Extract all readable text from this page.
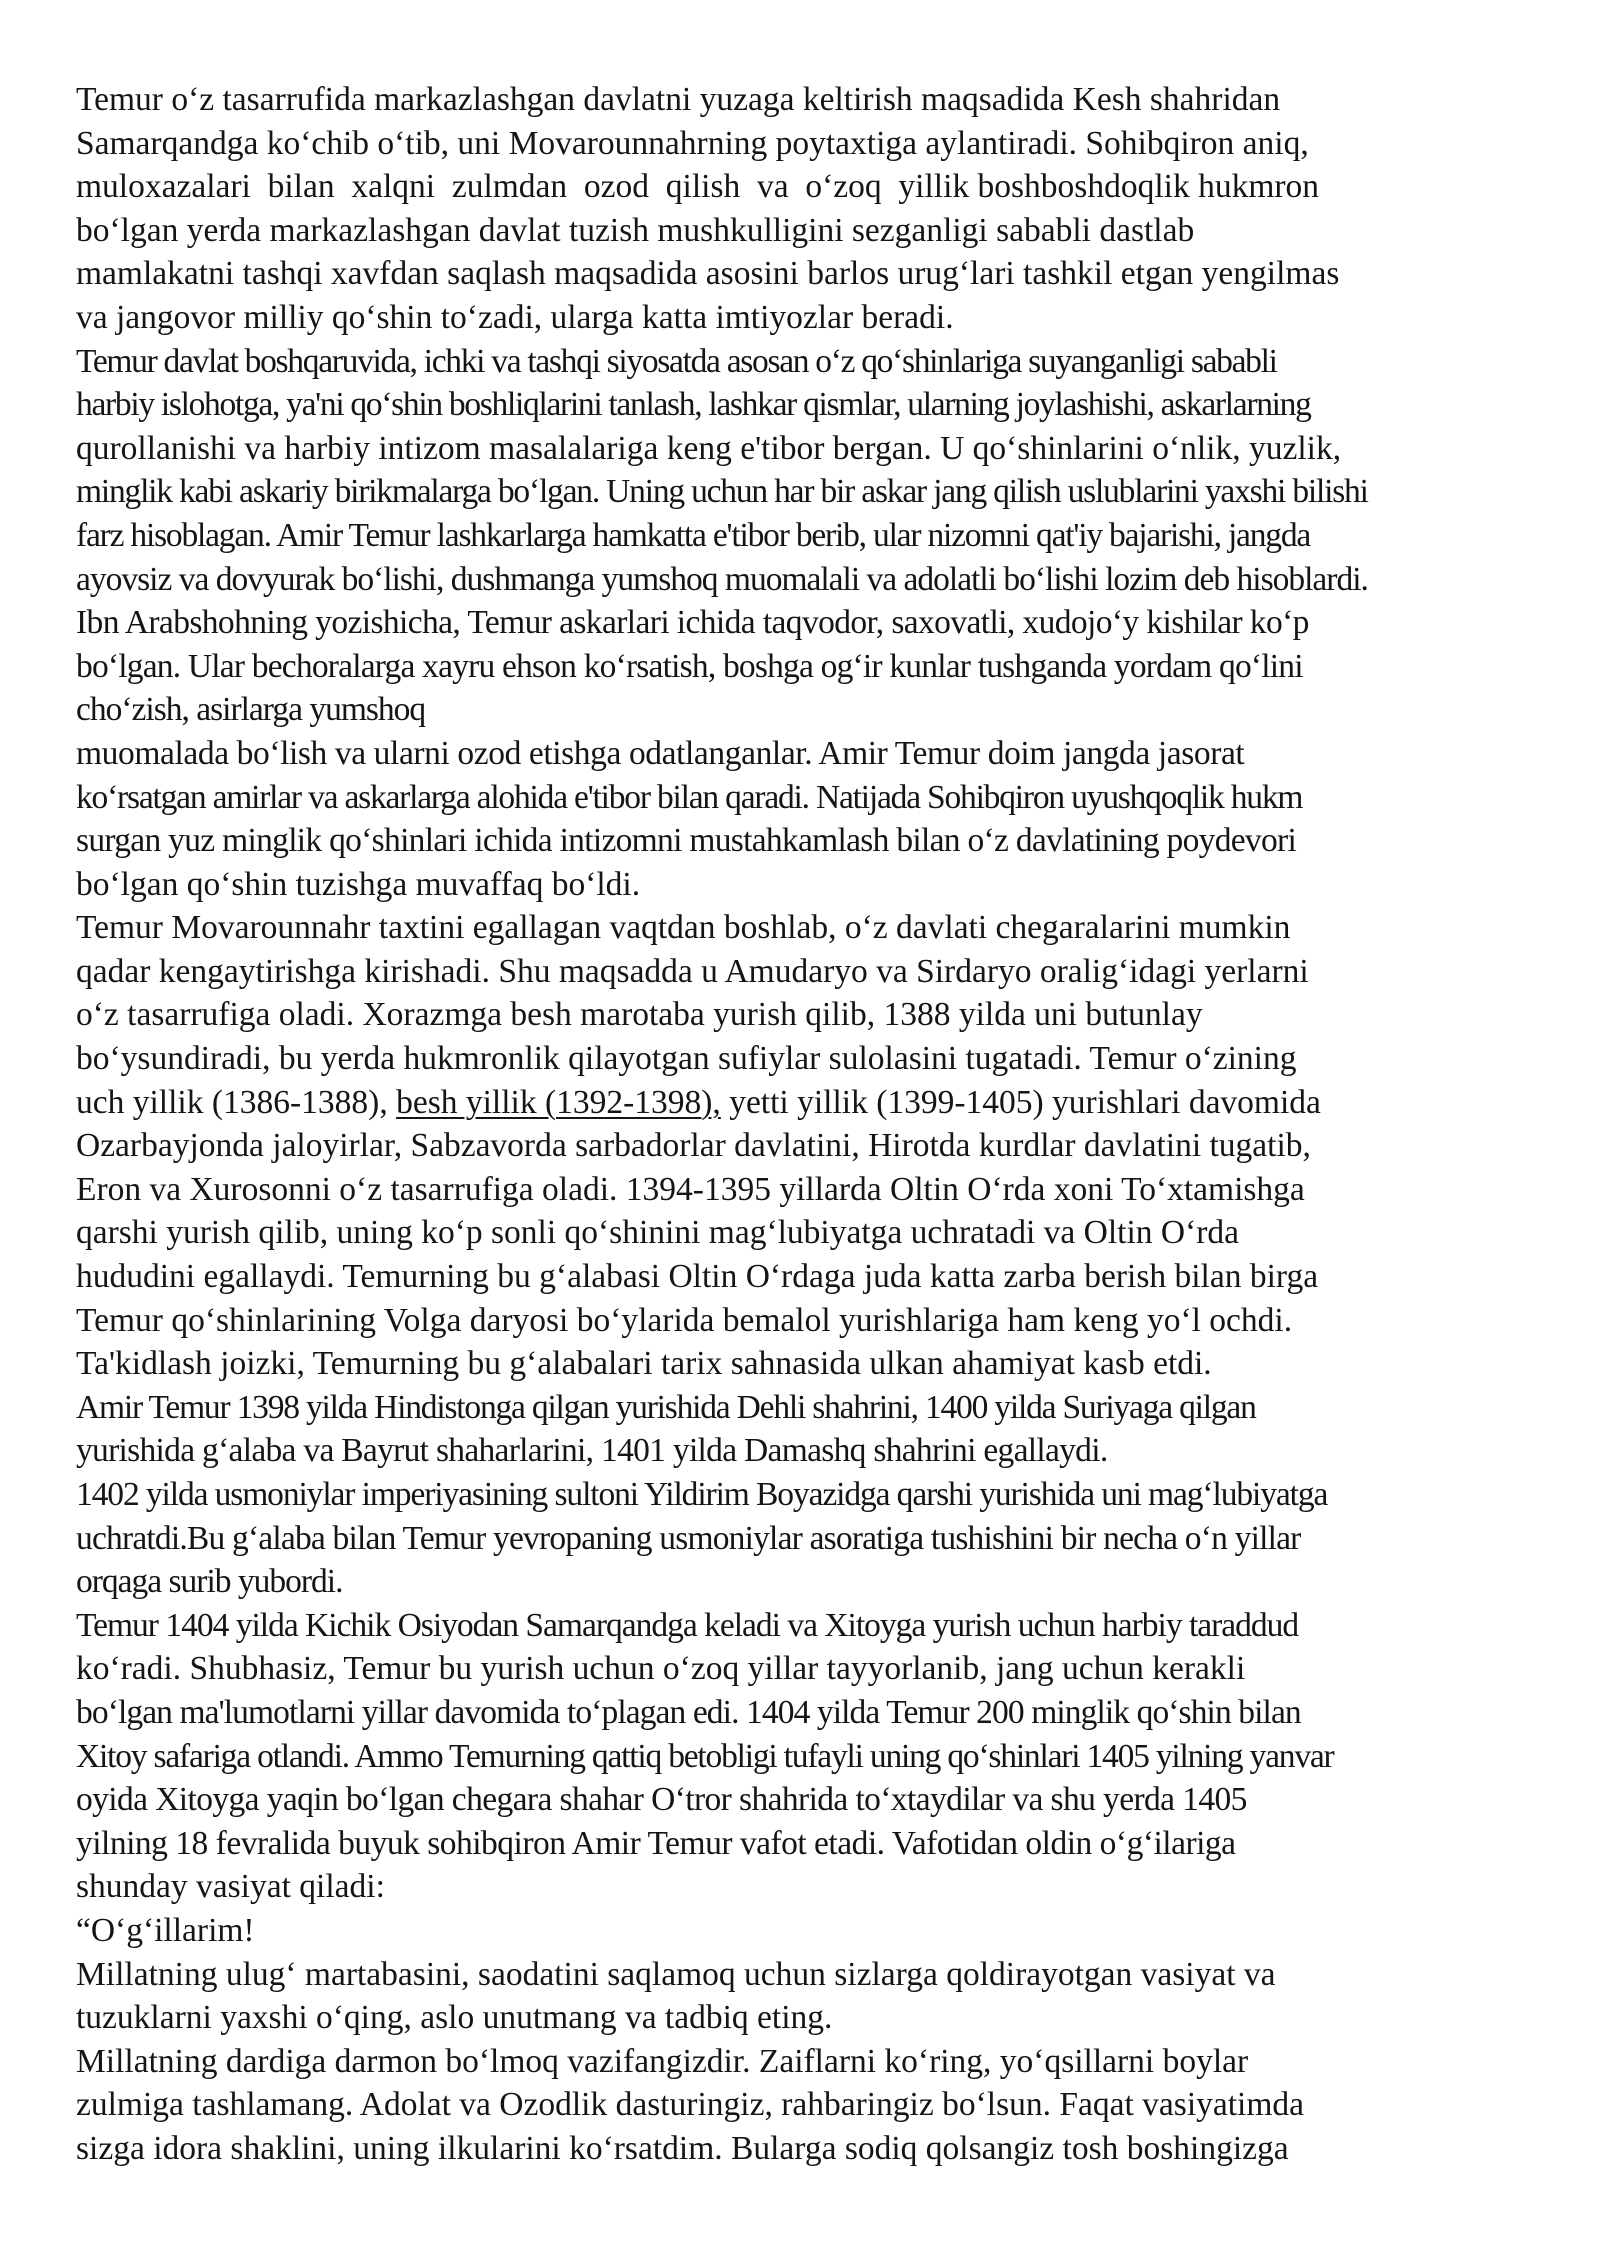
Temur o‘z tasarrufida markazlashgan davlatni yuzaga keltirish maqsadida Kesh shahridan
Samarqandga ko‘chib o‘tib, uni Movarounnahrning poytaxtiga aylantiradi. Sohibqiron aniq,
muloxazalari  bilan  xalqni  zulmdan  ozod  qilish  va  o‘zoq  yillik boshboshdoqlik hukmron
bo‘lgan yerda markazlashgan davlat tuzish mushkulligini sezganligi sababli dastlab
mamlakatni tashqi xavfdan saqlash maqsadida asosini barlos urug‘lari tashkil etgan yengilmas
va jangovor milliy qo‘shin to‘zadi, ularga katta imtiyozlar beradi.
Temur davlat boshqaruvida, ichki va tashqi siyosatda asosan o‘z qo‘shinlariga suyanganligi sababli
harbiy islohotga, ya'ni qo‘shin boshliqlarini tanlash, lashkar qismlar, ularning joylashishi, askarlarning
qurollanishi va harbiy intizom masalalariga keng e'tibor bergan. U qo‘shinlarini o‘nlik, yuzlik,
minglik kabi askariy birikmalarga bo‘lgan. Uning uchun har bir askar jang qilish uslublarini yaxshi bilishi
farz hisoblagan. Amir Temur lashkarlarga hamkatta e'tibor berib, ular nizomni qat'iy bajarishi, jangda
ayovsiz va dovyurak bo‘lishi, dushmanga yumshoq muomalali va adolatli bo‘lishi lozim deb hisoblardi.
Ibn Arabshohning yozishicha, Temur askarlari ichida taqvodor, saxovatli, xudojo‘y kishilar ko‘p
bo‘lgan. Ular bechoralarga xayru ehson ko‘rsatish, boshga og‘ir kunlar tushganda yordam qo‘lini
cho‘zish, asirlarga yumshoq
muomalada bo‘lish va ularni ozod etishga odatlanganlar. Amir Temur doim jangda jasorat
ko‘rsatgan amirlar va askarlarga alohida e'tibor bilan qaradi. Natijada Sohibqiron uyushqoqlik hukm
surgan yuz minglik qo‘shinlari ichida intizomni mustahkamlash bilan o‘z davlatining poydevori
bo‘lgan qo‘shin tuzishga muvaffaq bo‘ldi.
Temur Movarounnahr taxtini egallagan vaqtdan boshlab, o‘z davlati chegaralarini mumkin
qadar kengaytirishga kirishadi. Shu maqsadda u Amudaryo va Sirdaryo oralig‘idagi yerlarni
o‘z tasarrufiga oladi. Xorazmga besh marotaba yurish qilib, 1388 yilda uni butunlay
bo‘ysundiradi, bu yerda hukmronlik qilayotgan sufiylar sulolasini tugatadi. Temur o‘zining
uch yillik (1386-1388), besh yillik (1392-1398), yetti yillik (1399-1405) yurishlari davomida
Ozarbayjonda jaloyirlar, Sabzavorda sarbadorlar davlatini, Hirotda kurdlar davlatini tugatib,
Eron va Xurosonni o‘z tasarrufiga oladi. 1394-1395 yillarda Oltin O‘rda xoni To‘xtamishga
qarshi yurish qilib, uning ko‘p sonli qo‘shinini mag‘lubiyatga uchratadi va Oltin O‘rda
hududini egallaydi. Temurning bu g‘alabasi Oltin O‘rdaga juda katta zarba berish bilan birga
Temur qo‘shinlarining Volga daryosi bo‘ylarida bemalol yurishlariga ham keng yo‘l ochdi.
Ta'kidlash joizki, Temurning bu g‘alabalari tarix sahnasida ulkan ahamiyat kasb etdi.
Amir Temur 1398 yilda Hindistonga qilgan yurishida Dehli shahrini, 1400 yilda Suriyaga qilgan
yurishida g‘alaba va Bayrut shaharlarini, 1401 yilda Damashq shahrini egallaydi.
1402 yilda usmoniylar imperiyasining sultoni Yildirim Boyazidga qarshi yurishida uni mag‘lubiyatga
uchratdi.Bu g‘alaba bilan Temur yevropaning usmoniylar asoratiga tushishini bir necha o‘n yillar
orqaga surib yubordi.
Temur 1404 yilda Kichik Osiyodan Samarqandga keladi va Xitoyga yurish uchun harbiy taraddud
ko‘radi. Shubhasiz, Temur bu yurish uchun o‘zoq yillar tayyorlanib, jang uchun kerakli
bo‘lgan ma'lumotlarni yillar davomida to‘plagan edi. 1404 yilda Temur 200 minglik qo‘shin bilan
Xitoy safariga otlandi. Ammo Temurning qattiq betobligi tufayli uning qo‘shinlari 1405 yilning yanvar
oyida Xitoyga yaqin bo‘lgan chegara shahar O‘tror shahrida to‘xtaydilar va shu yerda 1405
yilning 18 fevralida buyuk sohibqiron Amir Temur vafot etadi. Vafotidan oldin o‘g‘ilariga
shunday vasiyat qiladi:
“O‘g‘illarim!
Millatning ulug‘ martabasini, saodatini saqlamoq uchun sizlarga qoldirayotgan vasiyat va
tuzuklarni yaxshi o‘qing, aslo unutmang va tadbiq eting.
Millatning dardiga darmon bo‘lmoq vazifangizdir. Zaiflarni ko‘ring, yo‘qsillarni boylar
zulmiga tashlamang. Adolat va Ozodlik dasturingiz, rahbaringiz bo‘lsun. Faqat vasiyatimda
sizga idora shaklini, uning ilkularini ko‘rsatdim. Bularga sodiq qolsangiz tosh boshingizga
